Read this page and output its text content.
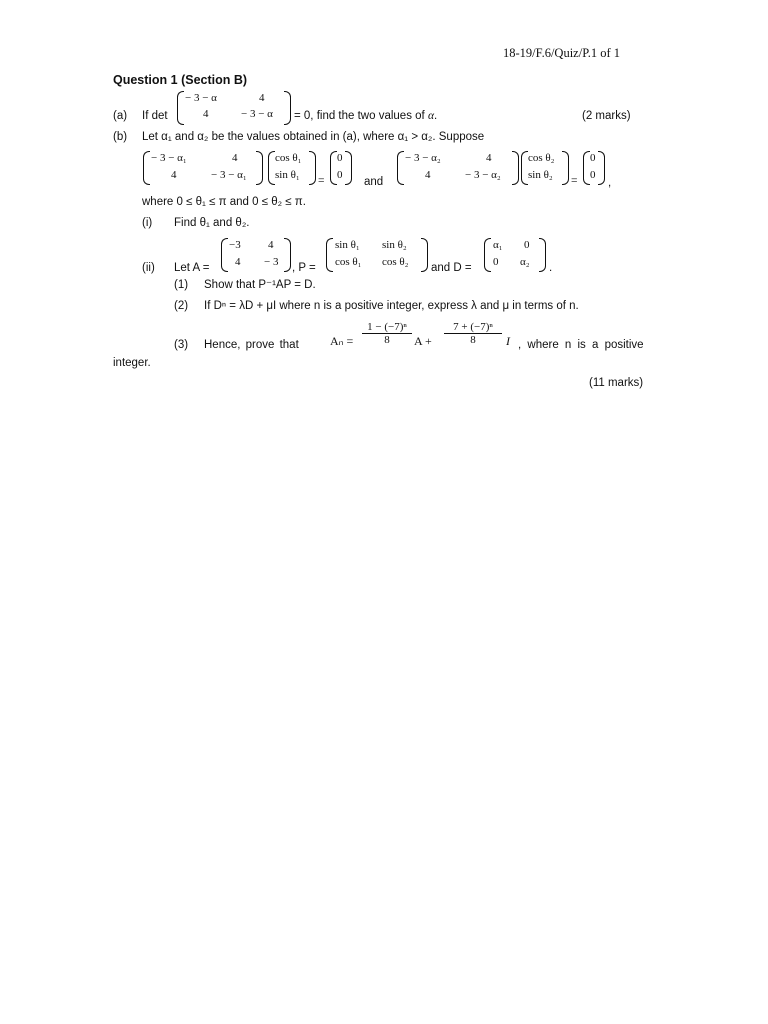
18-19/F.6/Quiz/P.1 of 1
Question 1 (Section B)
(a) If det
− 3 − α	4
4	− 3 − α = 0, find the two values of α.	(2 marks)
(b) Let α₁ and α₂ be the values obtained in (a), where α₁ > α₂. Suppose
− 3 − α₁	4
4	− 3 − α₁
cos θ₁
sin θ₁ =
0
0
and
− 3 − α₂	4
4	− 3 − α₂
cos θ₂
sin θ₂ =
0
0
,
where 0 ≤ θ₁ ≤ π and 0 ≤ θ₂ ≤ π.
(i) Find θ₁ and θ₂.
(ii) Let A =
−3 4
4 − 3 , P =
sin θ₁ sin θ₂
cos θ₁ cos θ₂ and D =
α₁ 0
0 α₂ .
(1) Show that P⁻¹AP = D.
(2) If Dⁿ = λD + μI where n is a positive integer, express λ and μ in terms of n.
(3) Hence, prove that	Aₙ =
1 − (−7)ⁿ
8	A +
7 + (−7)ⁿ
8	I , where n is a positive
integer.
(11 marks)
